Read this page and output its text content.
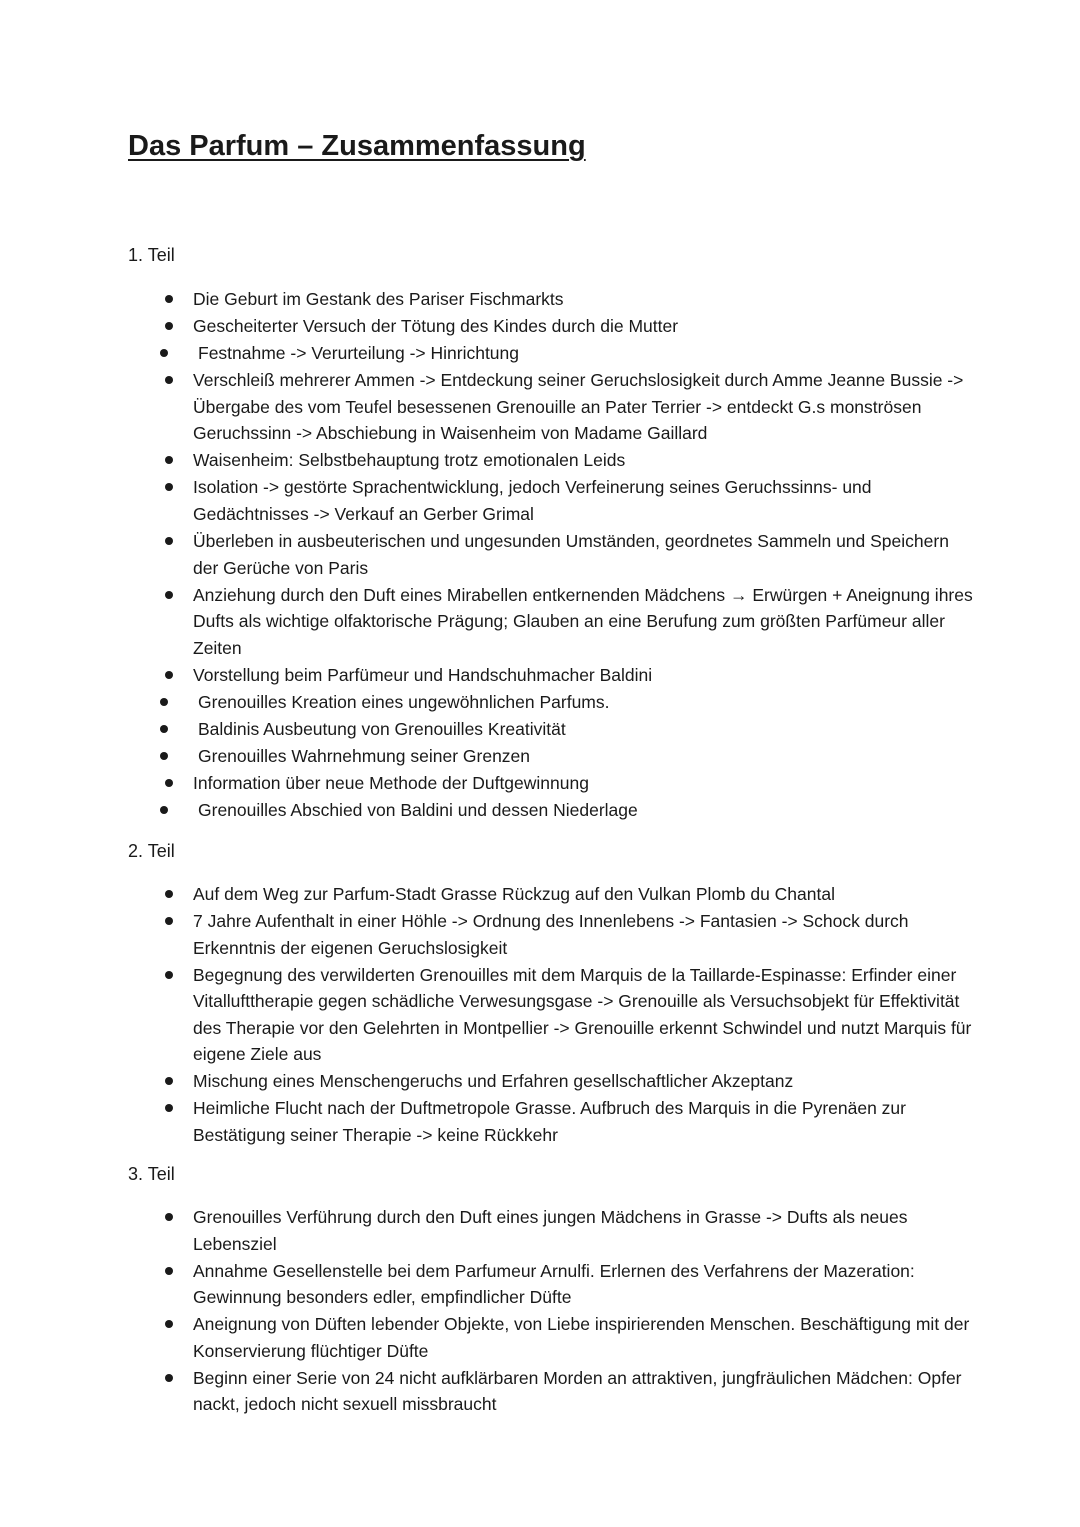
Das Parfum – Zusammenfassung
1. Teil
Die Geburt im Gestank des Pariser Fischmarkts
Gescheiterter Versuch der Tötung des Kindes durch die Mutter
Festnahme -> Verurteilung -> Hinrichtung
Verschleiß mehrerer Ammen -> Entdeckung seiner Geruchslosigkeit durch Amme Jeanne Bussie -> Übergabe des vom Teufel besessenen Grenouille an Pater Terrier -> entdeckt G.s monströsen Geruchssinn -> Abschiebung in Waisenheim von Madame Gaillard
Waisenheim: Selbstbehauptung trotz emotionalen Leids
Isolation -> gestörte Sprachentwicklung, jedoch Verfeinerung seines Geruchssinns- und Gedächtnisses -> Verkauf an Gerber Grimal
Überleben in ausbeuterischen und ungesunden Umständen, geordnetes Sammeln und Speichern der Gerüche von Paris
Anziehung durch den Duft eines Mirabellen entkernenden Mädchens → Erwürgen + Aneignung ihres Dufts als wichtige olfaktorische Prägung; Glauben an eine Berufung zum größten Parfümeur aller Zeiten
Vorstellung beim Parfümeur und Handschuhmacher Baldini
Grenouilles Kreation eines ungewöhnlichen Parfums.
Baldinis Ausbeutung von Grenouilles Kreativität
Grenouilles Wahrnehmung seiner Grenzen
Information über neue Methode der Duftgewinnung
Grenouilles Abschied von Baldini und dessen Niederlage
2. Teil
Auf dem Weg zur Parfum-Stadt Grasse Rückzug auf den Vulkan Plomb du Chantal
7 Jahre Aufenthalt in einer Höhle -> Ordnung des Innenlebens -> Fantasien -> Schock durch Erkenntnis der eigenen Geruchslosigkeit
Begegnung des verwilderten Grenouilles mit dem Marquis de la Taillarde-Espinasse: Erfinder einer Vitallufttherapie gegen schädliche Verwesungsgase -> Grenouille als Versuchsobjekt für Effektivität des Therapie vor den Gelehrten in Montpellier -> Grenouille erkennt Schwindel und nutzt Marquis für eigene Ziele aus
Mischung eines Menschengeruchs und Erfahren gesellschaftlicher Akzeptanz
Heimliche Flucht nach der Duftmetropole Grasse. Aufbruch des Marquis in die Pyrenäen zur Bestätigung seiner Therapie -> keine Rückkehr
3. Teil
Grenouilles Verführung durch den Duft eines jungen Mädchens in Grasse -> Dufts als neues Lebensziel
Annahme Gesellenstelle bei dem Parfumeur Arnulfi. Erlernen des Verfahrens der Mazeration: Gewinnung besonders edler, empfindlicher Düfte
Aneignung von Düften lebender Objekte, von Liebe inspirierenden Menschen. Beschäftigung mit der Konservierung flüchtiger Düfte
Beginn einer Serie von 24 nicht aufklärbaren Morden an attraktiven, jungfräulichen Mädchen: Opfer nackt, jedoch nicht sexuell missbraucht
